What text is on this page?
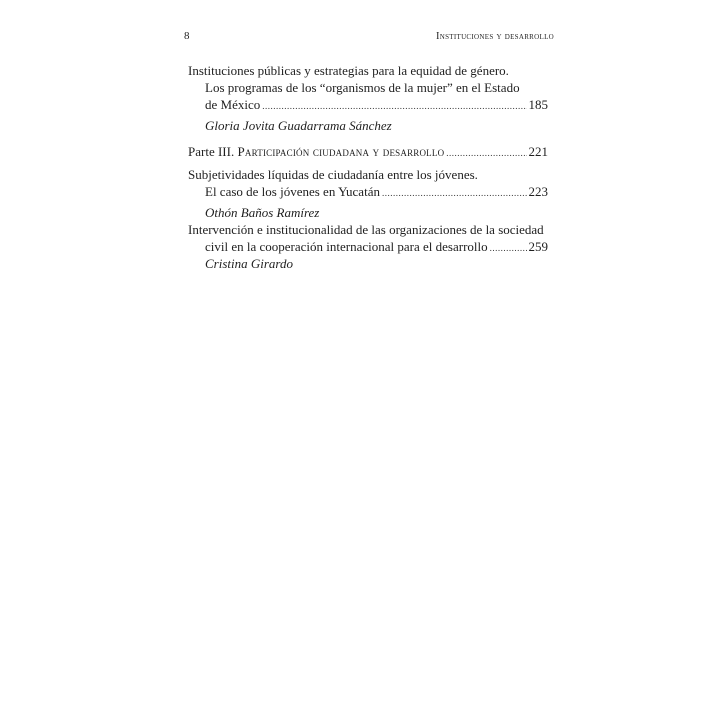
8	Instituciones y desarrollo
Instituciones públicas y estrategias para la equidad de género.
Los programas de los “organismos de la mujer” en el Estado
de México .....	185
Gloria Jovita Guadarrama Sánchez
Parte III. Participación ciudadana y desarrollo .....	221
Subjetividades líquidas de ciudadanía entre los jóvenes.
El caso de los jóvenes en Yucatán .....	223
Othón Baños Ramírez
Intervención e institucionalidad de las organizaciones de la sociedad
civil en la cooperación internacional para el desarrollo .....	259
Cristina Girardo
